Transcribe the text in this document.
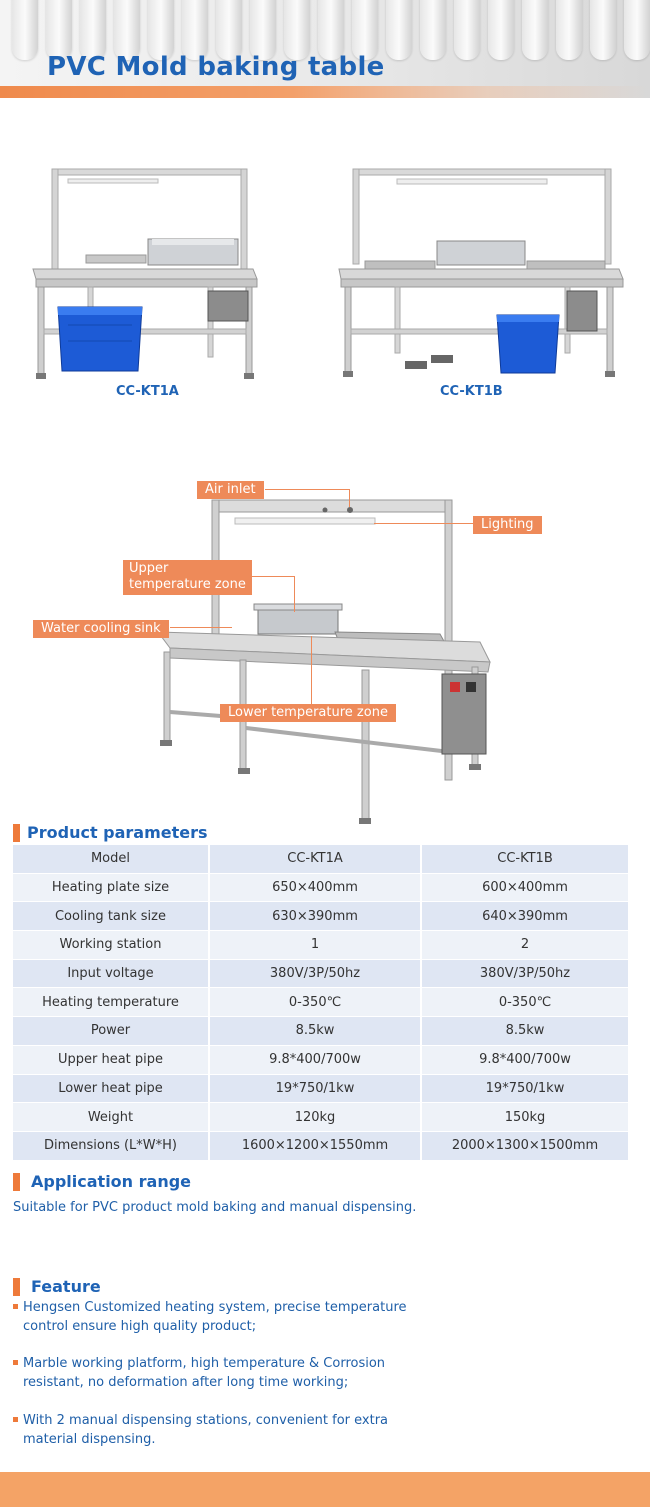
PVC Mold baking table
CC-KT1A	CC-KT1B
Air inlet
Lighting
Upper
temperature zone
Water cooling sink
Lower temperature zone
Product parameters
Model	CC-KT1A	CC-KT1B
Heating plate size	650×400mm	600×400mm
Cooling tank size	630×390mm	640×390mm
Working station	1	2
Input voltage	380V/3P/50hz	380V/3P/50hz
Heating temperature	0-350℃	0-350℃
Power	8.5kw	8.5kw
Upper heat pipe	9.8*400/700w	9.8*400/700w
Lower heat pipe	19*750/1kw	19*750/1kw
Weight	120kg	150kg
Dimensions (L*W*H)	1600×1200×1550mm	2000×1300×1500mm
Application range
Suitable for PVC product mold baking and manual dispensing.
Feature
Hengsen Customized heating system, precise temperature control ensure high quality product;
Marble working platform, high temperature & Corrosion resistant, no deformation after long time working;
With 2 manual dispensing stations, convenient for extra material dispensing.
